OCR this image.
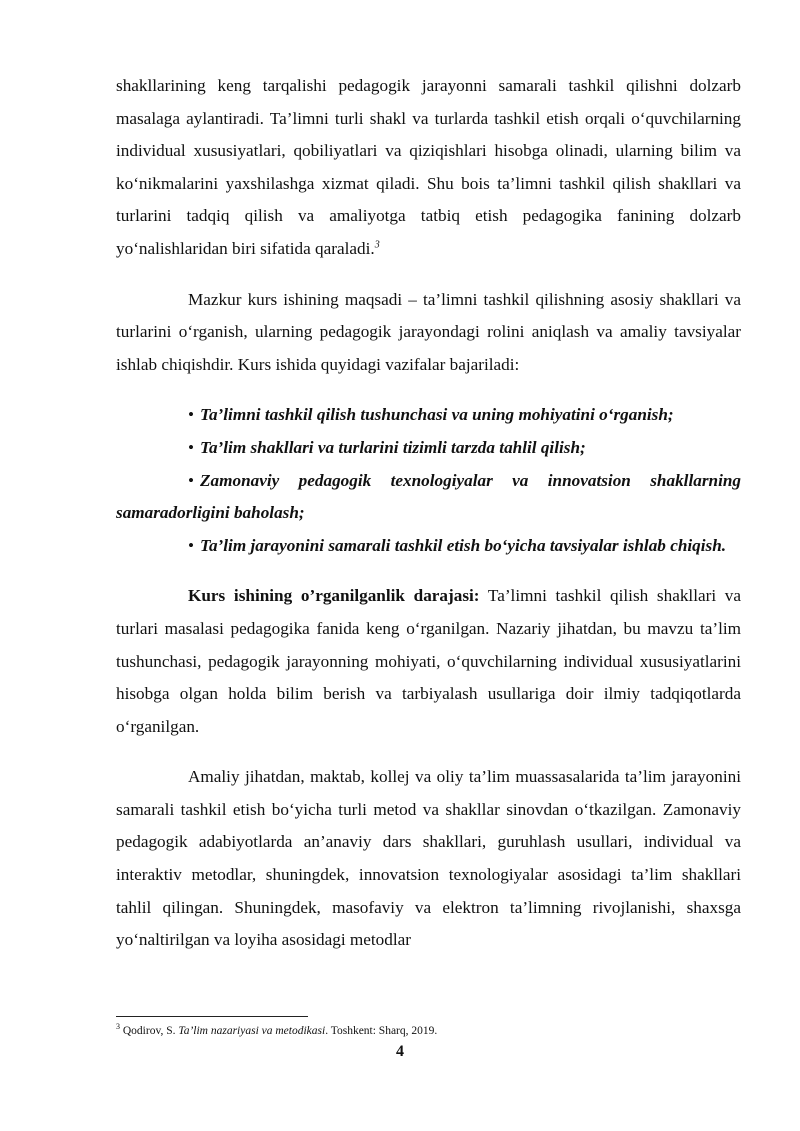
shakllarining keng tarqalishi pedagogik jarayonni samarali tashkil qilishni dolzarb masalaga aylantiradi. Ta’limni turli shakl va turlarda tashkil etish orqali o‘quvchilarning individual xususiyatlari, qobiliyatlari va qiziqishlari hisobga olinadi, ularning bilim va ko‘nikmalarini yaxshilashga xizmat qiladi. Shu bois ta’limni tashkil qilish shakllari va turlarini tadqiq qilish va amaliyotga tatbiq etish pedagogika fanining dolzarb yo‘nalishlaridan biri sifatida qaraladi.$^3$

Mazkur kurs ishining maqsadi – ta’limni tashkil qilishning asosiy shakllari va turlarini o‘rganish, ularning pedagogik jarayondagi rolini aniqlash va amaliy tavsiyalar ishlab chiqishdir. Kurs ishida quyidagi vazifalar bajariladi:

• Ta’limni tashkil qilish tushunchasi va uning mohiyatini o‘rganish;

• Ta’lim shakllari va turlarini tizimli tarzda tahlil qilish;

• Zamonaviy pedagogik texnologiyalar va innovatsion shakllarning samaradorligini baholash;

• Ta’lim jarayonini samarali tashkil etish bo‘yicha tavsiyalar ishlab chiqish.

Kurs ishining o’rganilganlik darajasi: Ta’limni tashkil qilish shakllari va turlari masalasi pedagogika fanida keng o‘rganilgan. Nazariy jihatdan, bu mavzu ta’lim tushunchasi, pedagogik jarayonning mohiyati, o‘quvchilarning individual xususiyatlarini hisobga olgan holda bilim berish va tarbiyalash usullariga doir ilmiy tadqiqotlarda o‘rganilgan.

Amaliy jihatdan, maktab, kollej va oliy ta’lim muassasalarida ta’lim jarayonini samarali tashkil etish bo‘yicha turli metod va shakllar sinovdan o‘tkazilgan. Zamonaviy pedagogik adabiyotlarda an’anaviy dars shakllari, guruhlash usullari, individual va interaktiv metodlar, shuningdek, innovatsion texnologiyalar asosidagi ta’lim shakllari tahlil qilingan. Shuningdek, masofaviy va elektron ta’limning rivojlanishi, shaxsga yo‘naltirilgan va loyiha asosidagi metodlar

$^3$ Qodirov, S. Ta’lim nazariyasi va metodikasi. Toshkent: Sharq, 2019.
4
